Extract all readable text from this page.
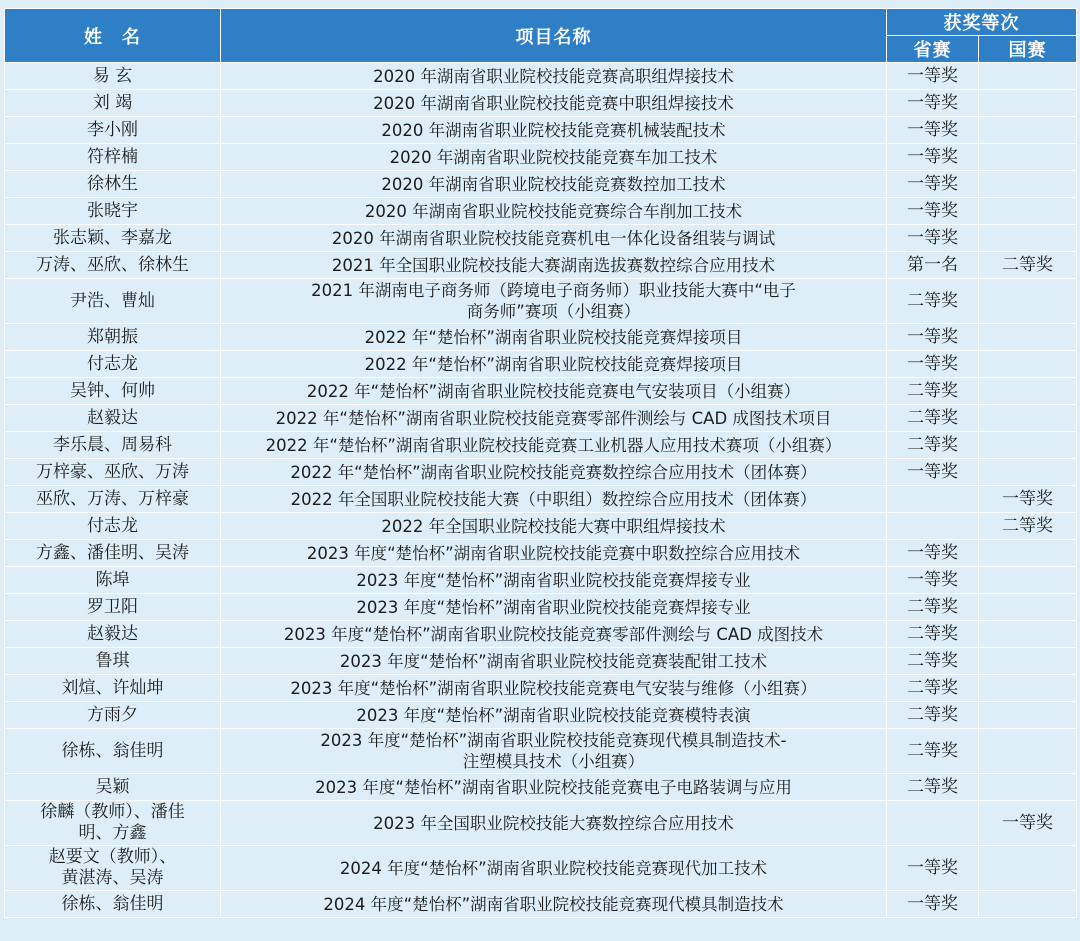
姓　名	项目名称	获奖等次	
		省赛	国赛
易 玄	2020 年湖南省职业院校技能竞赛高职组焊接技术	一等奖	
刘 竭	2020 年湖南省职业院校技能竞赛中职组焊接技术	一等奖	
李小刚	2020 年湖南省职业院校技能竞赛机械装配技术	一等奖	
符梓楠	2020 年湖南省职业院校技能竞赛车加工技术	一等奖	
徐林生	2020 年湖南省职业院校技能竞赛数控加工技术	一等奖	
张晓宇	2020 年湖南省职业院校技能竞赛综合车削加工技术	一等奖	
张志颖、李嘉龙	2020 年湖南省职业院校技能竞赛机电一体化设备组装与调试	一等奖	
万涛、巫欣、徐林生	2021 年全国职业院校技能大赛湖南选拔赛数控综合应用技术	第一名	二等奖
尹浩、曹灿	2021 年湖南电子商务师（跨境电子商务师）职业技能大赛中“电子
商务师”赛项（小组赛）	二等奖	
郑朝振	2022 年“楚怡杯”湖南省职业院校技能竞赛焊接项目	一等奖	
付志龙	2022 年“楚怡杯”湖南省职业院校技能竞赛焊接项目	一等奖	
吴钟、何帅	2022 年“楚怡杯”湖南省职业院校技能竞赛电气安装项目（小组赛）	二等奖	
赵毅达	2022 年“楚怡杯”湖南省职业院校技能竞赛零部件测绘与 CAD 成图技术项目	二等奖	
李乐晨、周易科	2022 年“楚怡杯”湖南省职业院校技能竞赛工业机器人应用技术赛项（小组赛）	二等奖	
万梓豪、巫欣、万涛	2022 年“楚怡杯”湖南省职业院校技能竞赛数控综合应用技术（团体赛）	一等奖	
巫欣、万涛、万梓豪	2022 年全国职业院校技能大赛（中职组）数控综合应用技术（团体赛）		一等奖
付志龙	2022 年全国职业院校技能大赛中职组焊接技术		二等奖
方鑫、潘佳明、吴涛	2023 年度“楚怡杯”湖南省职业院校技能竞赛中职数控综合应用技术	一等奖	
陈埠	2023 年度“楚怡杯”湖南省职业院校技能竞赛焊接专业	一等奖	
罗卫阳	2023 年度“楚怡杯”湖南省职业院校技能竞赛焊接专业	二等奖	
赵毅达	2023 年度“楚怡杯”湖南省职业院校技能竞赛零部件测绘与 CAD 成图技术	二等奖	
鲁琪	2023 年度“楚怡杯”湖南省职业院校技能竞赛装配钳工技术	二等奖	
刘煊、许灿坤	2023 年度“楚怡杯”湖南省职业院校技能竞赛电气安装与维修（小组赛）	二等奖	
方雨夕	2023 年度“楚怡杯”湖南省职业院校技能竞赛模特表演	二等奖	
徐栋、翁佳明	2023 年度“楚怡杯”湖南省职业院校技能竞赛现代模具制造技术-
注塑模具技术（小组赛）	二等奖	
吴颖	2023 年度“楚怡杯”湖南省职业院校技能竞赛电子电路装调与应用	二等奖	
徐麟（教师）、潘佳
明、方鑫	2023 年全国职业院校技能大赛数控综合应用技术		一等奖
赵要文（教师）、
黄湛涛、吴涛	2024 年度“楚怡杯”湖南省职业院校技能竞赛现代加工技术	一等奖	
徐栋、翁佳明	2024 年度“楚怡杯”湖南省职业院校技能竞赛现代模具制造技术	一等奖	
